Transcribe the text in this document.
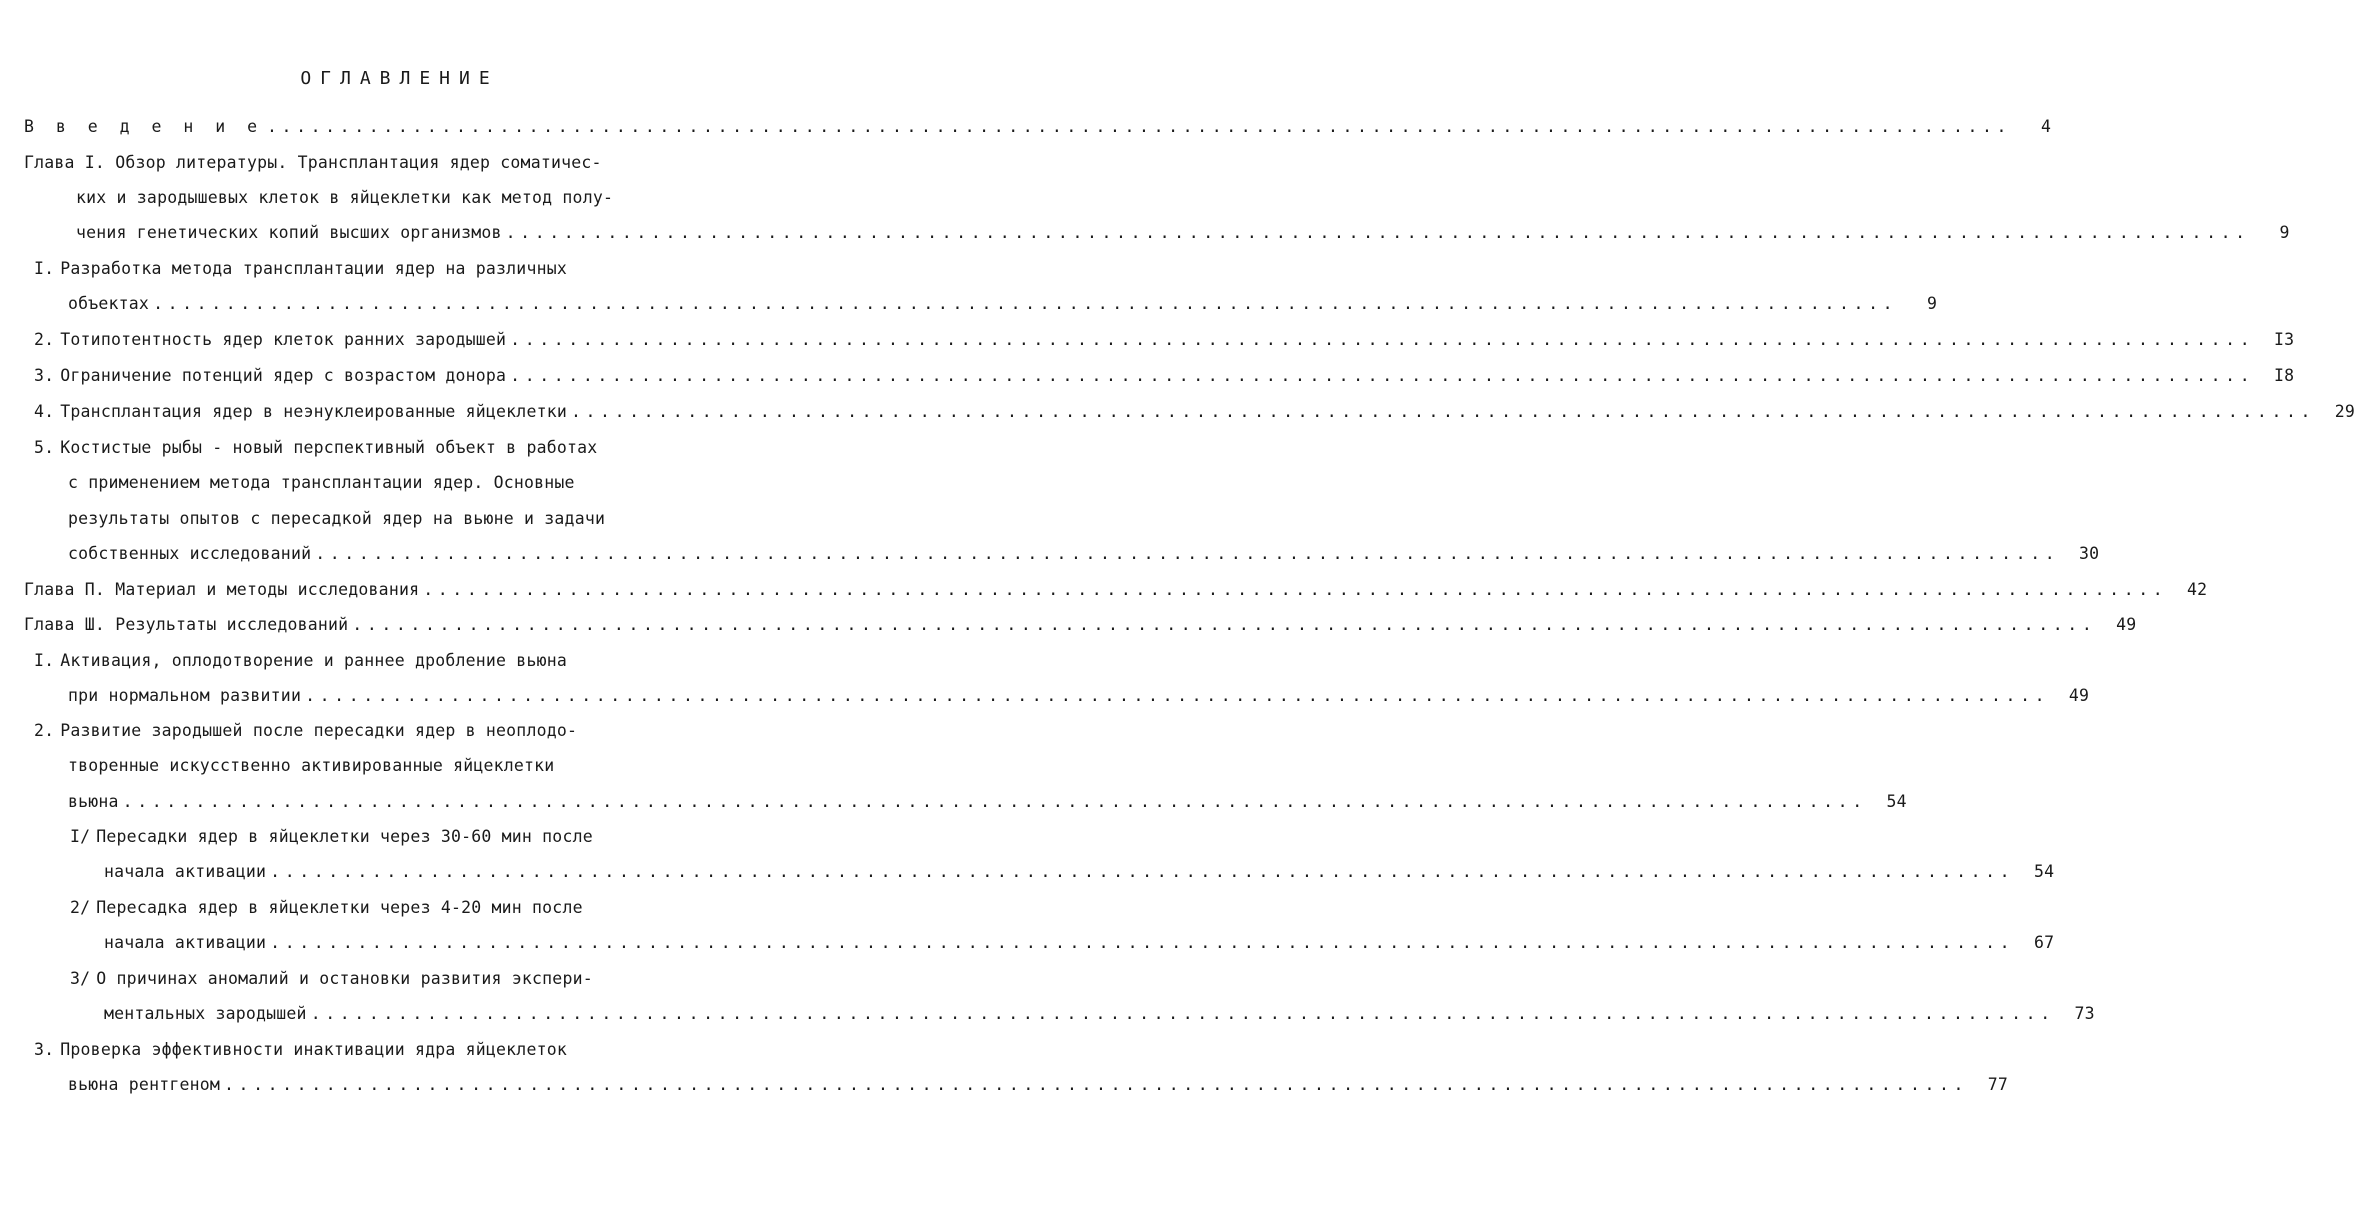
ОГЛАВЛЕНИЕ
В в е д е н и е ........................................................................................................................	4
Глава I. Обзор литературы. Трансплантация ядер соматичес-
ких и зародышевых клеток в яйцеклетки как метод полу-
чения генетических копий высших организмов ........................................................................................................................	9
I. Разработка метода трансплантации ядер на различных
объектах ........................................................................................................................	9
2. Тотипотентность ядер клеток ранних зародышей ........................................................................................................................	I3
3. Ограничение потенций ядер с возрастом донора ........................................................................................................................	I8
4. Трансплантация ядер в неэнуклеированные яйцеклетки ........................................................................................................................	29
5. Костистые рыбы - новый перспективный объект в работах
с применением метода трансплантации ядер. Основные
результаты опытов с пересадкой ядер на вьюне и задачи
собственных исследований ........................................................................................................................	30
Глава П. Материал и методы исследования ........................................................................................................................	42
Глава Ш. Результаты исследований ........................................................................................................................	49
I. Активация, оплодотворение и раннее дробление вьюна
при нормальном развитии ........................................................................................................................	49
2. Развитие зародышей после пересадки ядер в неоплодо-
творенные искусственно активированные яйцеклетки
вьюна ........................................................................................................................	54
I/ Пересадки ядер в яйцеклетки через 30-60 мин после
начала активации ........................................................................................................................	54
2/ Пересадка ядер в яйцеклетки через 4-20 мин после
начала активации ........................................................................................................................	67
3/ О причинах аномалий и остановки развития экспери-
ментальных зародышей ........................................................................................................................	73
3. Проверка эффективности инактивации ядра яйцеклеток
вьюна рентгеном ........................................................................................................................	77
